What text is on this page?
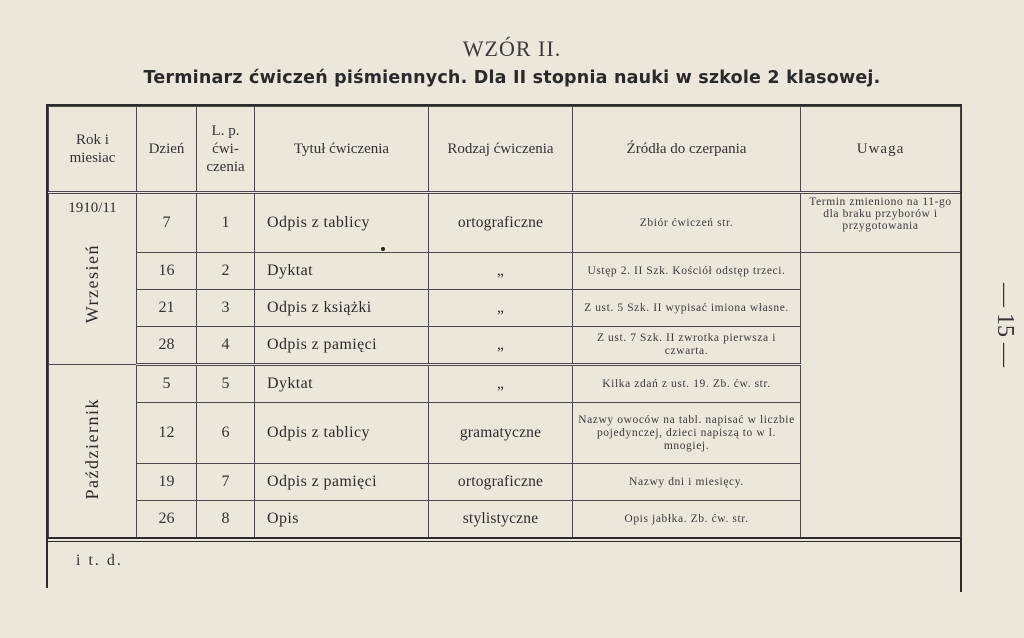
WZÓR II.
Terminarz ćwiczeń piśmiennych. Dla II stopnia nauki w szkole 2 klasowej.
— 15 —
Rok i miesiac	Dzień	L. p. ćwi- czenia	Tytuł ćwiczenia	Rodzaj ćwiczenia	Źródła do czerpania	Uwaga

1910/11
Wrzesień	7	1	Odpis z tablicy	ortograficzne	Zbiór ćwiczeń str.	Termin zmieniono na 11-go dla braku przyborów i przygotowania
	16	2	Dyktat	„	Ustęp 2. II Szk. Kościół odstęp trzeci.	
	21	3	Odpis z książki	„	Z ust. 5 Szk. II wypisać imiona własne.	
	28	4	Odpis z pamięci	„	Z ust. 7 Szk. II zwrotka pierwsza i czwarta.	
Październik	5	5	Dyktat	„	Kilka zdań z ust. 19. Zb. ćw. str.	
	12	6	Odpis z tablicy	gramatyczne	Nazwy owoców na tabl. napisać w liczbie pojedynczej, dzieci napiszą to w l. mnogiej.	
	19	7	Odpis z pamięci	ortograficzne	Nazwy dni i miesięcy.	
	26	8	Opis	stylistyczne	Opis jabłka. Zb. ćw. str.	
i t. d.
